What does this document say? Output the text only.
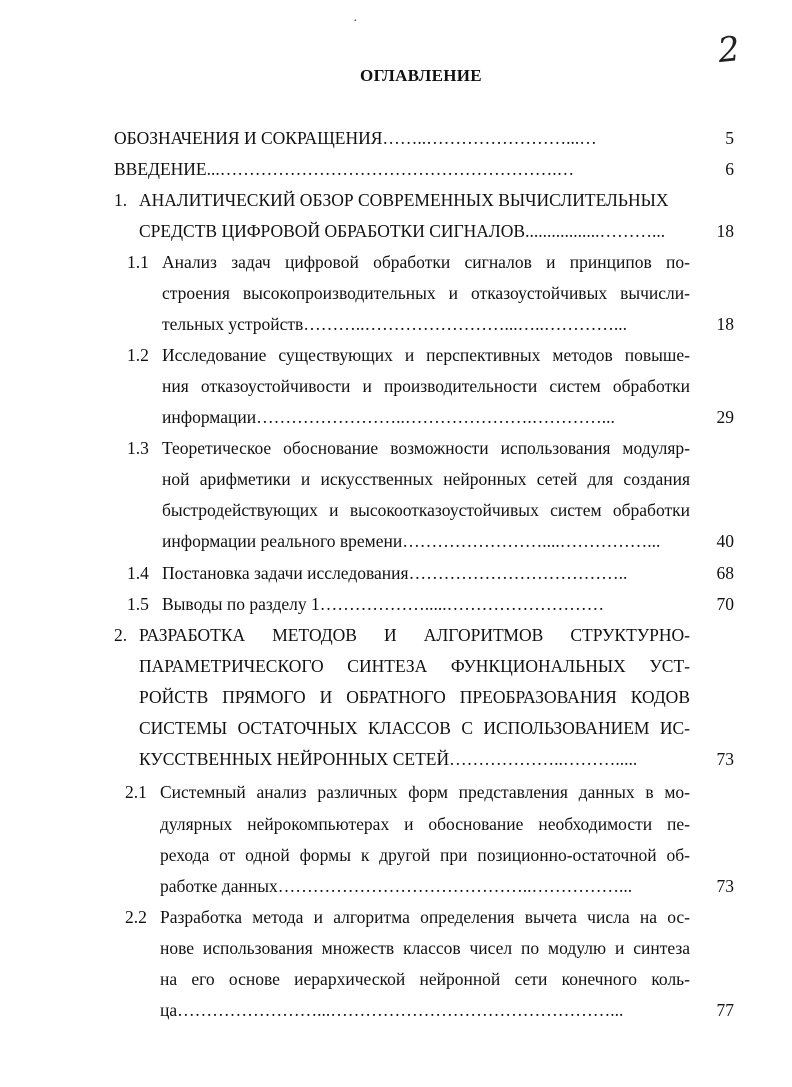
·
2
ОГЛАВЛЕНИЕ
ОБОЗНАЧЕНИЯ И СОКРАЩЕНИЯ……..……………………...…	5
ВВЕДЕНИЕ...………………………………………………….…	6
1. АНАЛИТИЧЕСКИЙ ОБЗОР СОВРЕМЕННЫХ ВЫЧИСЛИТЕЛЬНЫХ
СРЕДСТВ ЦИФРОВОЙ ОБРАБОТКИ СИГНАЛОВ.................………...	18
1.1 Анализ задач цифровой обработки сигналов и принципов по-
строения высокопроизводительных и отказоустойчивых вычисли-
тельных устройств………..……………………...…..…………...	18
1.2 Исследование существующих и перспективных методов повыше-
ния отказоустойчивости и производительности систем обработки
информации……………………..………………….…………...	29
1.3 Теоретическое обоснование возможности использования модуляр-
ной арифметики и искусственных нейронных сетей для создания
быстродействующих и высокоотказоустойчивых систем обработки
информации реального времени……………………....……………...	40
1.4 Постановка задачи исследования………………………………..	68
1.5 Выводы по разделу 1……………….....………………………	70
2. РАЗРАБОТКА МЕТОДОВ И АЛГОРИТМОВ СТРУКТУРНО-
ПАРАМЕТРИЧЕСКОГО СИНТЕЗА ФУНКЦИОНАЛЬНЫХ УСТ-
РОЙСТВ ПРЯМОГО И ОБРАТНОГО ПРЕОБРАЗОВАНИЯ КОДОВ
СИСТЕМЫ ОСТАТОЧНЫХ КЛАССОВ С ИСПОЛЬЗОВАНИЕМ ИС-
КУССТВЕННЫХ НЕЙРОННЫХ СЕТЕЙ………………..……….....	73
2.1 Системный анализ различных форм представления данных в мо-
дулярных нейрокомпьютерах и обоснование необходимости пе-
рехода от одной формы к другой при позиционно-остаточной об-
работке данных……………………………………..……………...	73
2.2 Разработка метода и алгоритма определения вычета числа на ос-
нове использования множеств классов чисел по модулю и синтеза
на его основе иерархической нейронной сети конечного коль-
ца……………………...…………………………………………...	77
